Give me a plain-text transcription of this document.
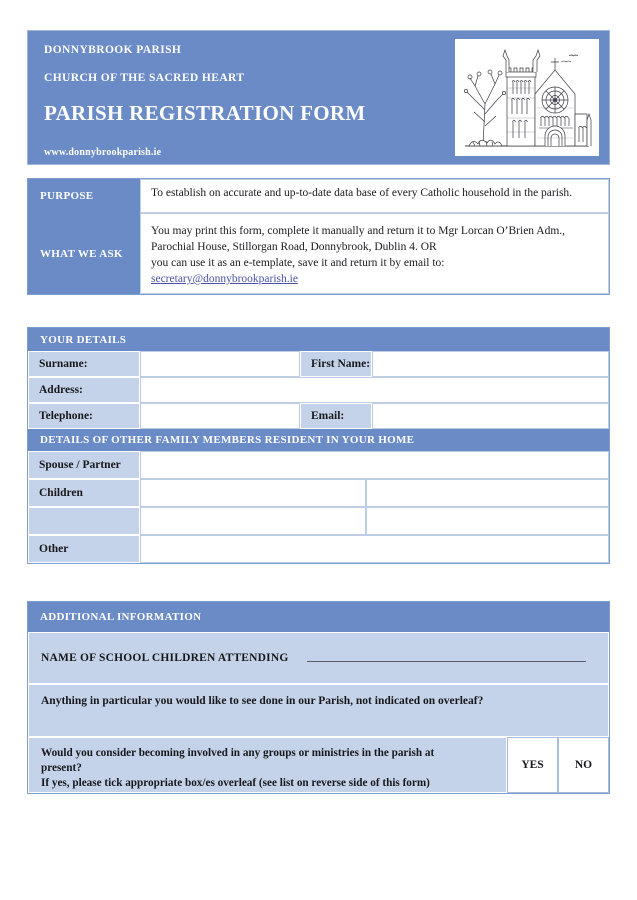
DONNYBROOK PARISH
CHURCH OF THE SACRED HEART
PARISH REGISTRATION FORM
www.donnybrookparish.ie
PURPOSE	To establish on accurate and up-to-date data base of every Catholic household in the parish.
WHAT WE ASK
You may print this form, complete it manually and return it to Mgr Lorcan O’Brien Adm.,
Parochial House, Stillorgan Road, Donnybrook, Dublin 4. OR
you can use it as an e-template, save it and return it by email to:
secretary@donnybrookparish.ie
YOUR DETAILS
Surname:	First Name:
Address:
Telephone:	Email:
DETAILS OF OTHER FAMILY MEMBERS RESIDENT IN YOUR HOME
Spouse / Partner
Children
Other
ADDITIONAL INFORMATION
NAME OF SCHOOL CHILDREN ATTENDING
Anything in particular you would like to see done in our Parish, not indicated on overleaf?
Would you consider becoming involved in any groups or ministries in the parish at
present?
If yes, please tick appropriate box/es overleaf (see list on reverse side of this form)
YES	NO
